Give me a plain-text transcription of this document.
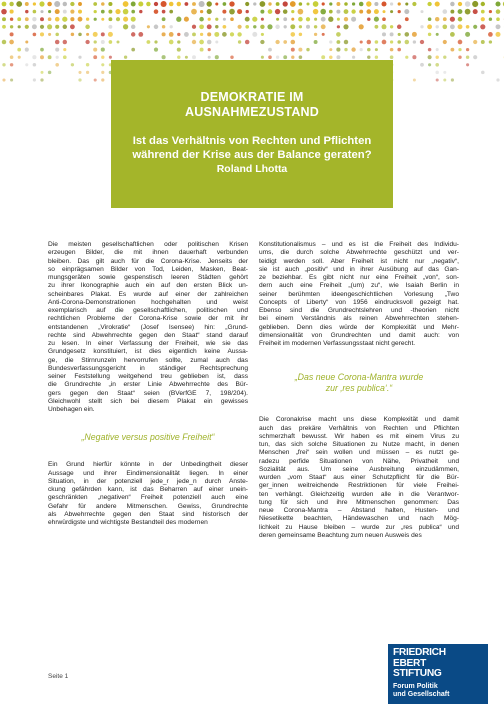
DEMOKRATIE IM
AUSNAHMEZUSTAND
Ist das Verhältnis von Rechten und Pflichten
während der Krise aus der Balance geraten?
Roland Lhotta
Die meisten gesellschaftlichen oder politischen Krisen
erzeugen Bilder, die mit ihnen dauerhaft verbunden
bleiben. Das gilt auch für die Corona-Krise. Jenseits der
so einprägsamen Bilder von Tod, Leiden, Masken, Beat-
mungsgeräten sowie gespenstisch leeren Städten gehört
zu ihrer Ikonographie auch ein auf den ersten Blick un-
scheinbares Plakat. Es wurde auf einer der zahlreichen
Anti-Corona-Demonstrationen hochgehalten und weist
exemplarisch auf die gesellschaftlichen, politischen und
rechtlichen Probleme der Corona-Krise sowie der mit ihr
entstandenen „Virokratie“ (Josef Isensee) hin: „Grund-
rechte sind Abwehrrechte gegen den Staat“ stand darauf
zu lesen. In einer Verfassung der Freiheit, wie sie das
Grundgesetz konstituiert, ist dies eigentlich keine Aussa-
ge, die Stirnrunzeln hervorrufen sollte, zumal auch das
Bundesverfassungsgericht in ständiger Rechtsprechung
seiner Feststellung weitgehend treu geblieben ist, dass
die Grundrechte „in erster Linie Abwehrrechte des Bür-
gers gegen den Staat“ seien (BVerfGE 7, 198/204).
Gleichwohl stellt sich bei diesem Plakat ein gewisses
Unbehagen ein.
„Negative versus positive Freiheit“
Ein Grund hierfür könnte in der Unbedingtheit dieser
Aussage und ihrer Eindimensionalität liegen. In einer
Situation, in der potenziell jede_r jede_n durch Anste-
ckung gefährden kann, ist das Beharren auf einer unein-
geschränkten „negativen“ Freiheit potenziell auch eine
Gefahr für andere Mitmenschen. Gewiss, Grundrechte
als Abwehrrechte gegen den Staat sind historisch der
ehrwürdigste und wichtigste Bestandteil des modernen
Konstitutionalismus – und es ist die Freiheit des Individu-
ums, die durch solche Abwehrrechte geschützt und ver-
teidigt werden soll. Aber Freiheit ist nicht nur „negativ“,
sie ist auch „positiv“ und in ihrer Ausübung auf das Gan-
ze beziehbar. Es gibt nicht nur eine Freiheit „von“, son-
dern auch eine Freiheit „(um) zu“, wie Isaiah Berlin in
seiner berühmten ideengeschichtlichen Vorlesung „Two
Concepts of Liberty“ von 1956 eindrucksvoll gezeigt hat.
Ebenso sind die Grundrechtslehren und -theorien nicht
bei einem Verständnis als reinen Abwehrrechten stehen-
geblieben. Denn dies würde der Komplexität und Mehr-
dimensionalität von Grundrechten und damit auch: von
Freiheit im modernen Verfassungsstaat nicht gerecht.
„Das neue Corona-Mantra wurde
zur ‚res publica‘.“
Die Coronakrise macht uns diese Komplexität und damit
auch das prekäre Verhältnis von Rechten und Pflichten
schmerzhaft bewusst. Wir haben es mit einem Virus zu
tun, das sich solche Situationen zu Nutze macht, in denen
Menschen „frei“ sein wollen und müssen – es nutzt ge-
radezu perfide Situationen von Nähe, Privatheit und
Sozialität aus. Um seine Ausbreitung einzudämmen,
wurden „vom Staat“ aus einer Schutzpflicht für die Bür-
ger_innen weitreichende Restriktionen für viele Freihei-
ten verhängt. Gleichzeitig wurden alle in die Verantwor-
tung für sich und ihre Mitmenschen genommen: Das
neue Corona-Mantra – Abstand halten, Husten- und
Niesetikette beachten, Händewaschen und nach Mög-
lichkeit zu Hause bleiben – wurde zur „res publica“ und
deren gemeinsame Beachtung zum neuen Ausweis des
Seite 1
FRIEDRICH
EBERT
STIFTUNG
Forum Politik
und Gesellschaft
